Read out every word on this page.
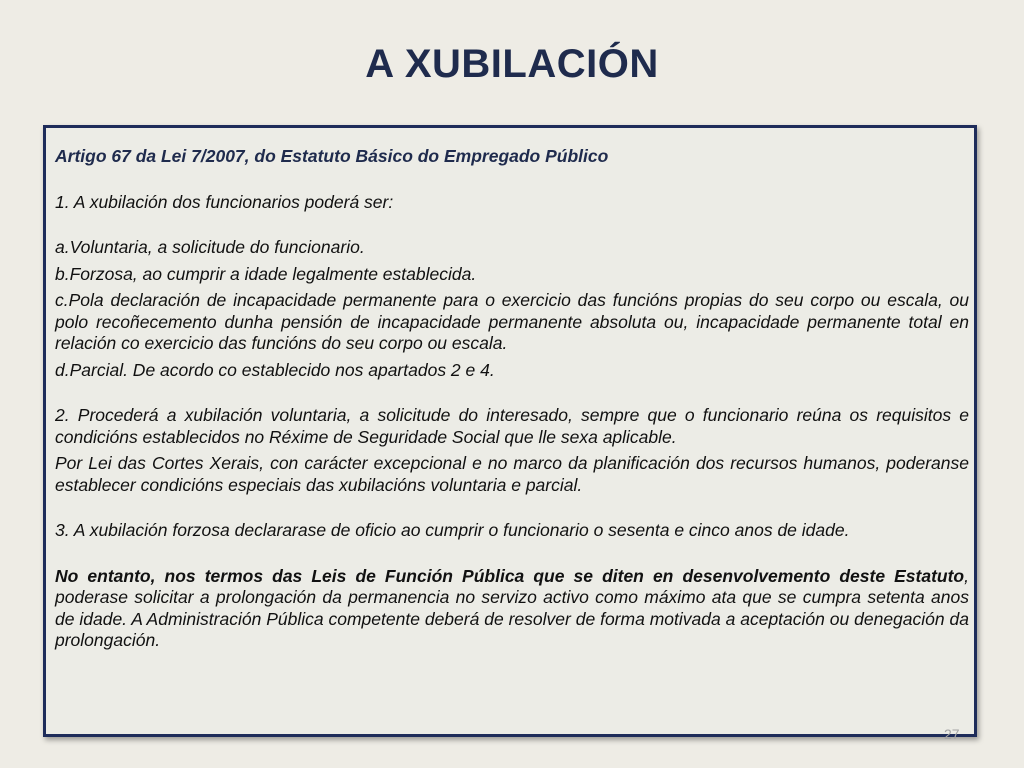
A XUBILACIÓN

Artigo 67 da Lei 7/2007, do Estatuto Básico do Empregado Público

1. A xubilación dos funcionarios poderá ser:

a.Voluntaria, a solicitude do funcionario.

b.Forzosa, ao cumprir a idade legalmente establecida.

c.Pola declaración de incapacidade permanente para o exercicio das funcións propias do seu corpo ou escala, ou polo recoñecemento dunha pensión de incapacidade permanente absoluta ou, incapacidade permanente total en relación co exercicio das funcións do seu corpo ou escala.

d.Parcial. De acordo co establecido nos apartados 2 e 4.

2. Procederá a xubilación voluntaria, a solicitude do interesado, sempre que o funcionario reúna os requisitos e condicións establecidos no Réxime de Seguridade Social que lle sexa aplicable.

Por Lei das Cortes Xerais, con carácter excepcional e no marco da planificación dos recursos humanos, poderanse establecer condicións especiais das xubilacións voluntaria e parcial.

3. A xubilación forzosa declararase de oficio ao cumprir o funcionario o sesenta e cinco anos de idade.

No entanto, nos termos das Leis de Función Pública que se diten en desenvolvemento deste Estatuto, poderase solicitar a prolongación da permanencia no servizo activo como máximo ata que se cumpra setenta anos de idade. A Administración Pública competente deberá de resolver de forma motivada a aceptación ou denegación da prolongación.

27
